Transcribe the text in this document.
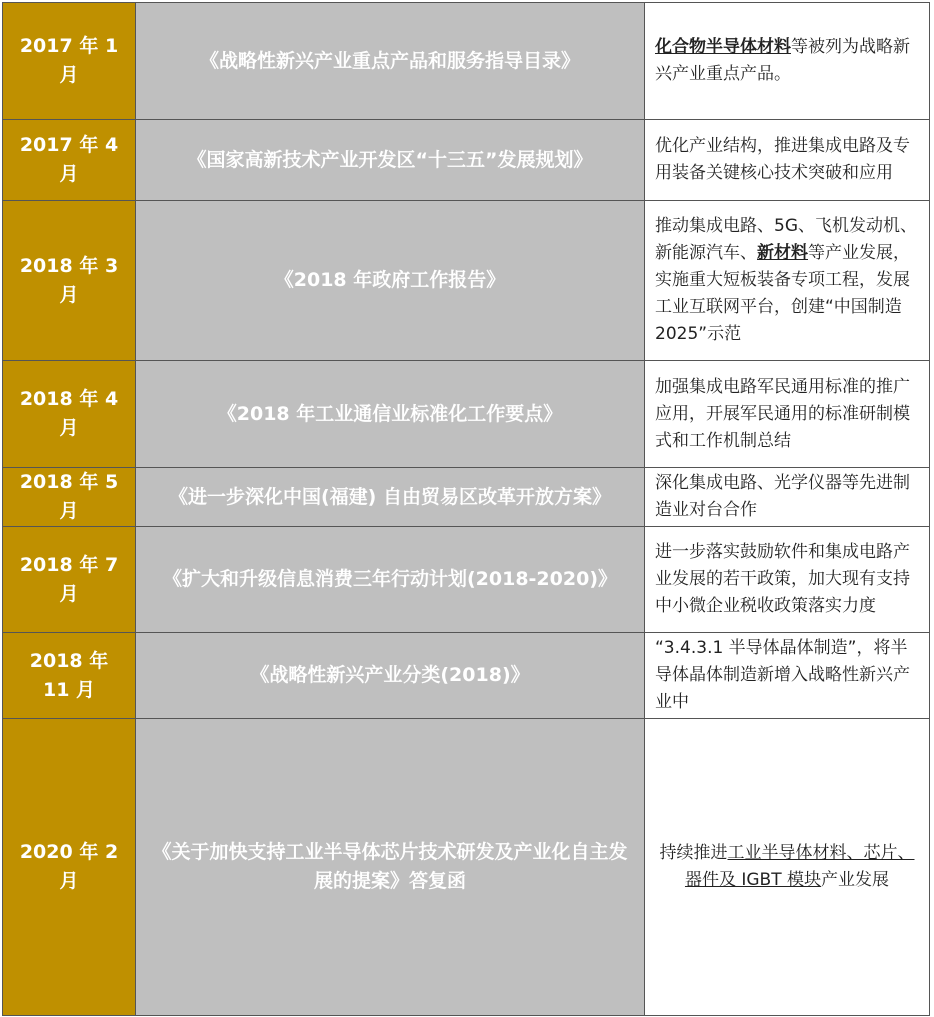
2017 年 1 月	《战略性新兴产业重点产品和服务指导目录》	化合物半导体材料等被列为战略新兴产业重点产品。
2017 年 4 月	《国家高新技术产业开发区“十三五”发展规划》	优化产业结构，推进集成电路及专用装备关键核心技术突破和应用
2018 年 3 月	《2018 年政府工作报告》	推动集成电路、5G、飞机发动机、新能源汽车、新材料等产业发展，实施重大短板装备专项工程，发展工业互联网平台，创建“中国制造 2025”示范
2018 年 4 月	《2018 年工业通信业标准化工作要点》	加强集成电路军民通用标准的推广应用，开展军民通用的标准研制模式和工作机制总结
2018 年 5 月	《进一步深化中国(福建) 自由贸易区改革开放方案》	深化集成电路、光学仪器等先进制造业对台合作
2018 年 7 月	《扩大和升级信息消费三年行动计划(2018-2020)》	进一步落实鼓励软件和集成电路产业发展的若干政策，加大现有支持中小微企业税收政策落实力度
2018 年 11 月	《战略性新兴产业分类(2018)》	“3.4.3.1 半导体晶体制造”，将半导体晶体制造新增入战略性新兴产业中
2020 年 2 月	《关于加快支持工业半导体芯片技术研发及产业化自主发展的提案》答复函	持续推进工业半导体材料、芯片、器件及 IGBT 模块产业发展
